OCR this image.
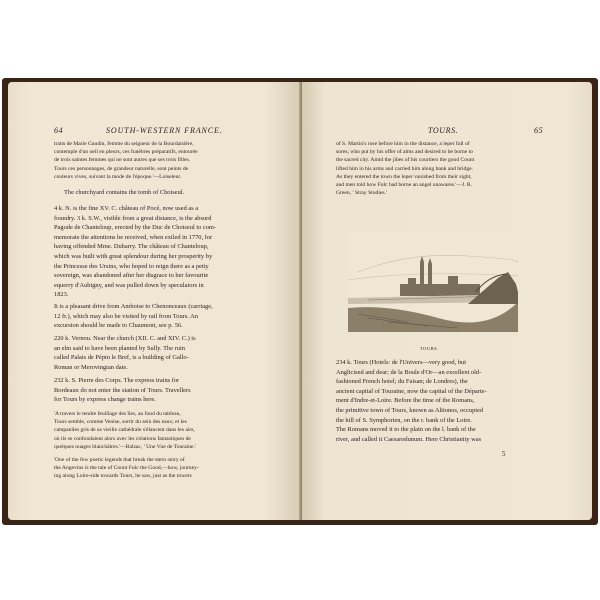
64	SOUTH-WESTERN FRANCE.

traits de Marie Gaudin, femme du seigneur de la Bourdaisière,

contemple d'un oeil en pleurs, ces funèbres préparatifs, entourée

de trois saintes femmes qui ne sont autres que ses trois filles.

Tours ces personnages, de grandeur naturelle, sont peints de

couleurs vives, suivant la mode de l'époque.'—Loiseleur.

The churchyard contains the tomb of Choiseul.

4 k. N. is the fine XV. C. château of Pocé, now used as a

foundry. 3 k. S.W., visible from a great distance, is the absurd

Pagode de Chanteloup, erected by the Duc de Choiseul to com-

memorate the attentions he received, when exiled in 1770, for

having offended Mme. Dubarry. The château of Chanteloup,

which was built with great splendour during her prosperity by

the Princesse des Ursins, who hoped to reign there as a petty

sovereign, was abandoned after her disgrace to her favourite

equerry d'Aubigny, and was pulled down by speculators in

1823.

It is a pleasant drive from Amboise to Chenonceaux (carriage,

12 fr.), which may also be visited by rail from Tours. An

excursion should be made to Chaumont, see p. 56.

220 k. Vernou. Near the church (XII. C. and XIV. C.) is

an elm said to have been planted by Sully. The ruin

called Palais de Pépin le Bref, is a building of Gallo-

Roman or Merovingian date.

232 k. S. Pierre des Corps. The express trains for

Bordeaux do not enter the station of Tours. Travellers

for Tours by express change trains here.

'A travers le tendre feuillage des îles, au fond du tableau,

Tours semble, comme Venise, sortir du sein des eaux; et les

campaniles gris de sa vieille cathédrale s'élancent dans les airs,

où ils se confondaient alors avec les créations fantastiques de

quelques nuages blanchâtres.'—Balzac, ' Une Vue de Touraine.'

'One of the few poetic legends that break the stern story of

the Angevins is the tale of Count Fulc the Good,—how, journey-

ing along Loire-side towards Tours, he saw, just as the towers

TOURS.	65

of S. Martin's rose before him in the distance, a leper full of

sores, who put by his offer of alms and desired to be borne to

the sacred city. Amid the jibes of his courtiers the good Count

lifted him in his arms and carried him along bank and bridge.

As they entered the town the leper vanished from their sight,

and men told how Fulc had borne an angel unawares.'—J. R.

Green, ' Stray Studies.'

TOURS.

234 k. Tours (Hotels: de l'Univers—very good, but

Anglicised and dear; de la Boule d'Or—an excellent old-

fashioned French hotel; du Faisan; de Londres), the

ancient capital of Touraine, now the capital of the Départe-

ment d'Indre-et-Loire. Before the time of the Romans,

the primitive town of Tours, known as Altionos, occupied

the hill of S. Symphorien, on the r. bank of the Loire.

The Romans moved it to the plain on the l. bank of the

river, and called it Caesarodunum. Here Christianity was

5
